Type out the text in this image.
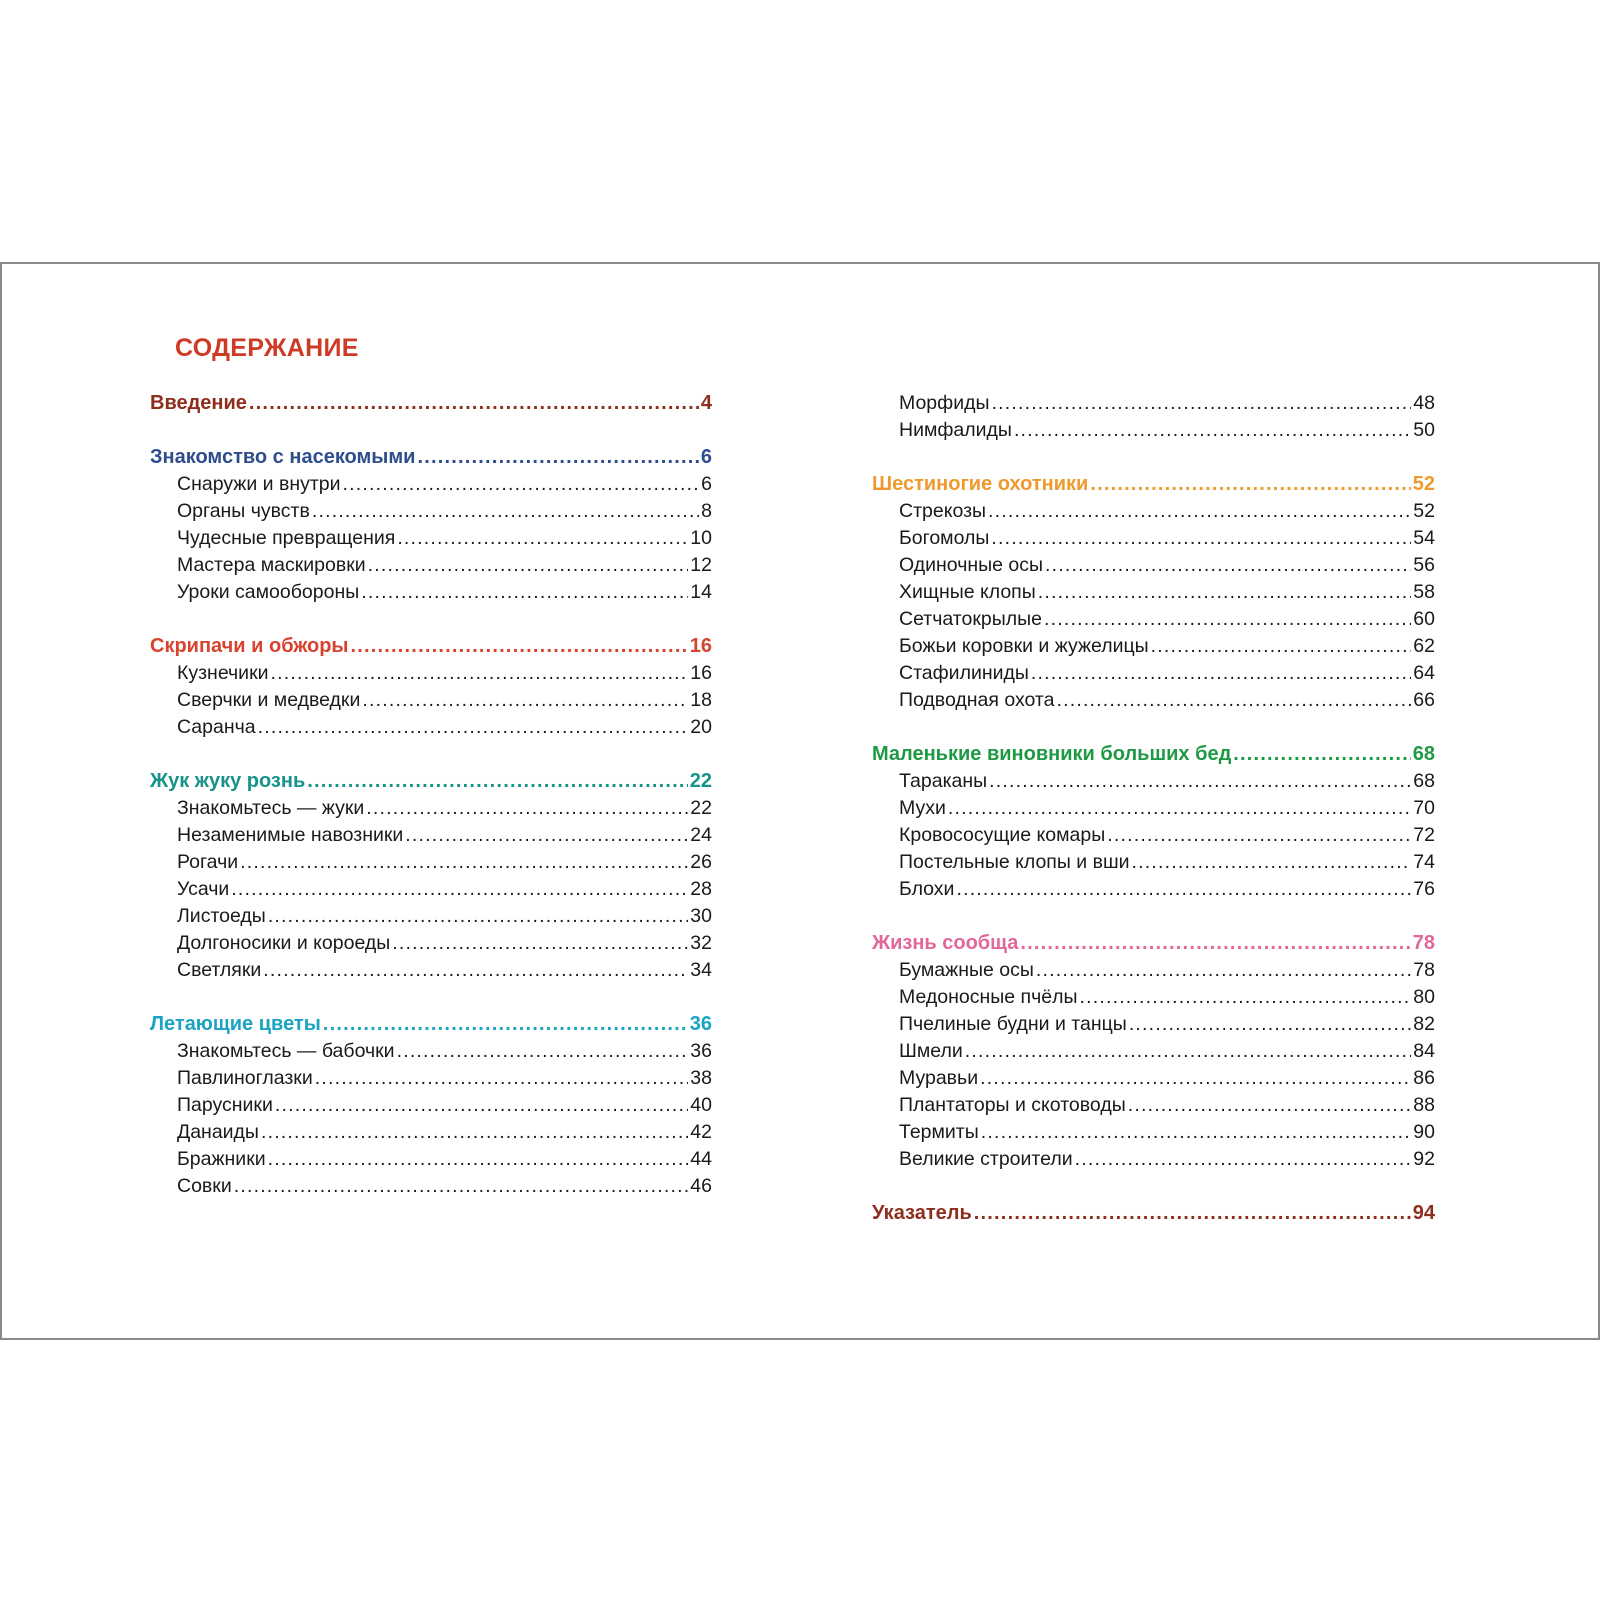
СОДЕРЖАНИЕ
Введение .....	4
Знакомство с насекомыми .....	6
Снаружи и внутри .....	6
Органы чувств .....	8
Чудесные превращения .....	10
Мастера маскировки .....	12
Уроки самообороны .....	14
Скрипачи и обжоры .....	16
Кузнечики .....	16
Сверчки и медведки .....	18
Саранча .....	20
Жук жуку рознь .....	22
Знакомьтесь — жуки .....	22
Незаменимые навозники .....	24
Рогачи .....	26
Усачи .....	28
Листоеды .....	30
Долгоносики и короеды .....	32
Светляки .....	34
Летающие цветы .....	36
Знакомьтесь — бабочки .....	36
Павлиноглазки .....	38
Парусники .....	40
Данаиды .....	42
Бражники .....	44
Совки .....	46
Морфиды .....	48
Нимфалиды .....	50
Шестиногие охотники .....	52
Стрекозы .....	52
Богомолы .....	54
Одиночные осы .....	56
Хищные клопы .....	58
Сетчатокрылые .....	60
Божьи коровки и жужелицы .....	62
Стафилиниды .....	64
Подводная охота .....	66
Маленькие виновники больших бед .....	68
Тараканы .....	68
Мухи .....	70
Кровососущие комары .....	72
Постельные клопы и вши .....	74
Блохи .....	76
Жизнь сообща .....	78
Бумажные осы .....	78
Медоносные пчёлы .....	80
Пчелиные будни и танцы .....	82
Шмели .....	84
Муравьи .....	86
Плантаторы и скотоводы .....	88
Термиты .....	90
Великие строители .....	92
Указатель .....	94
